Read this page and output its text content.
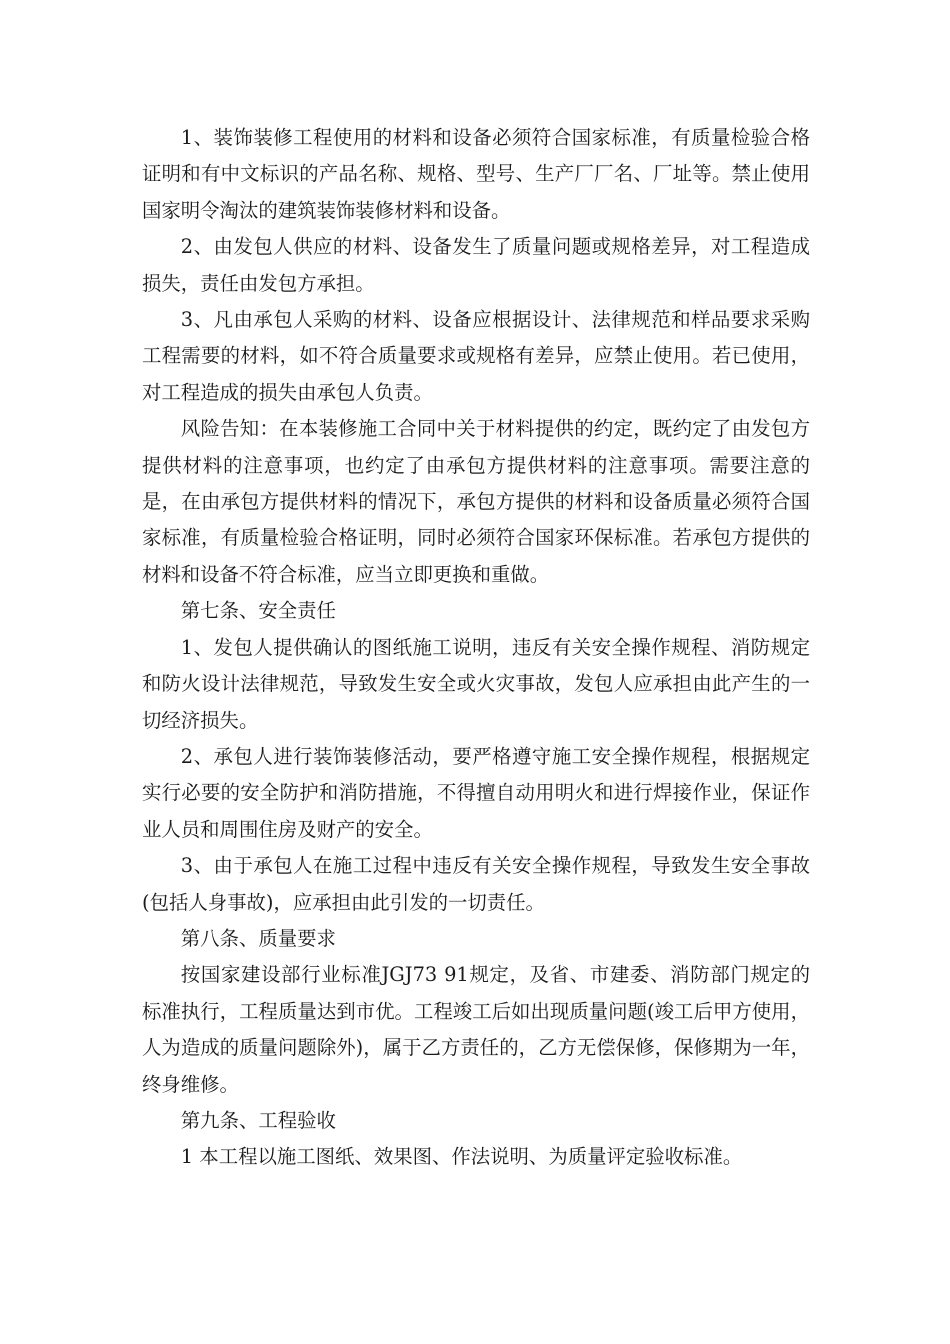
1、装饰装修工程使用的材料和设备必须符合国家标准，有质量检验合格证明和有中文标识的产品名称、规格、型号、生产厂厂名、厂址等。禁止使用国家明令淘汰的建筑装饰装修材料和设备。

2、由发包人供应的材料、设备发生了质量问题或规格差异，对工程造成损失，责任由发包方承担。

3、凡由承包人采购的材料、设备应根据设计、法律规范和样品要求采购工程需要的材料，如不符合质量要求或规格有差异，应禁止使用。若已使用，对工程造成的损失由承包人负责。

风险告知：在本装修施工合同中关于材料提供的约定，既约定了由发包方提供材料的注意事项，也约定了由承包方提供材料的注意事项。需要注意的是，在由承包方提供材料的情况下，承包方提供的材料和设备质量必须符合国家标准，有质量检验合格证明，同时必须符合国家环保标准。若承包方提供的材料和设备不符合标准，应当立即更换和重做。

第七条、安全责任

1、发包人提供确认的图纸施工说明，违反有关安全操作规程、消防规定和防火设计法律规范，导致发生安全或火灾事故，发包人应承担由此产生的一切经济损失。

2、承包人进行装饰装修活动，要严格遵守施工安全操作规程，根据规定实行必要的安全防护和消防措施，不得擅自动用明火和进行焊接作业，保证作业人员和周围住房及财产的安全。

3、由于承包人在施工过程中违反有关安全操作规程，导致发生安全事故(包括人身事故)，应承担由此引发的一切责任。

第八条、质量要求

按国家建设部行业标准JGJ73 91规定，及省、市建委、消防部门规定的标准执行，工程质量达到市优。工程竣工后如出现质量问题(竣工后甲方使用，人为造成的质量问题除外)，属于乙方责任的，乙方无偿保修，保修期为一年，终身维修。

第九条、工程验收

1 本工程以施工图纸、效果图、作法说明、为质量评定验收标准。
